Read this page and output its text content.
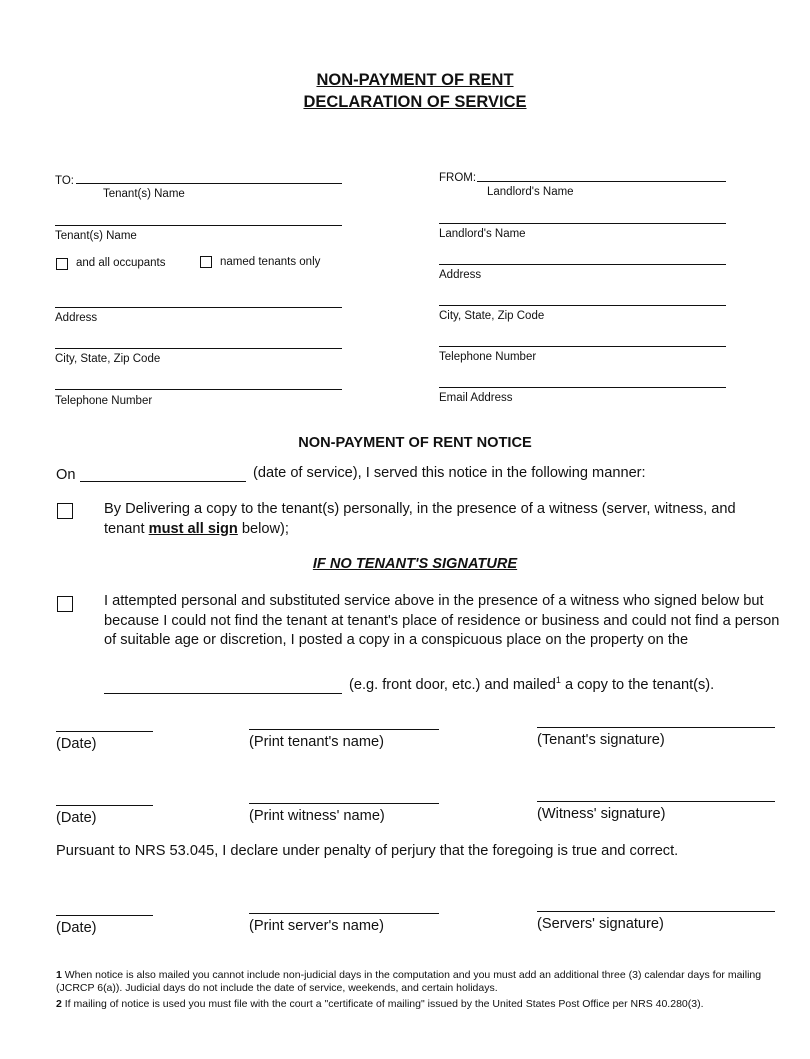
NON-PAYMENT OF RENT
DECLARATION OF SERVICE
TO:
Tenant(s) Name
Tenant(s) Name
and all occupants	named tenants only
Address
City, State, Zip Code
Telephone Number
FROM:
Landlord's Name
Landlord's Name
Address
City, State, Zip Code
Telephone Number
Email Address
NON-PAYMENT OF RENT NOTICE
On	(date of service), I served this notice in the following manner:
By Delivering a copy to the tenant(s) personally, in the presence of a witness (server, witness, and tenant must all sign below);
IF NO TENANT'S SIGNATURE
I attempted personal and substituted service above in the presence of a witness who signed below but because I could not find the tenant at tenant's place of residence or business and could not find a person of suitable age or discretion, I posted a copy in a conspicuous place on the property on the
(e.g. front door, etc.) and mailed$^1$ a copy to the tenant(s).
(Date)	(Print tenant's name)	(Tenant's signature)
(Date)	(Print witness' name)	(Witness' signature)
Pursuant to NRS 53.045, I declare under penalty of perjury that the foregoing is true and correct.
(Date)	(Print server's name)	(Servers' signature)
1 When notice is also mailed you cannot include non-judicial days in the computation and you must add an additional three (3) calendar days for mailing (JCRCP 6(a)). Judicial days do not include the date of service, weekends, and certain holidays.
2 If mailing of notice is used you must file with the court a "certificate of mailing" issued by the United States Post Office per NRS 40.280(3).
